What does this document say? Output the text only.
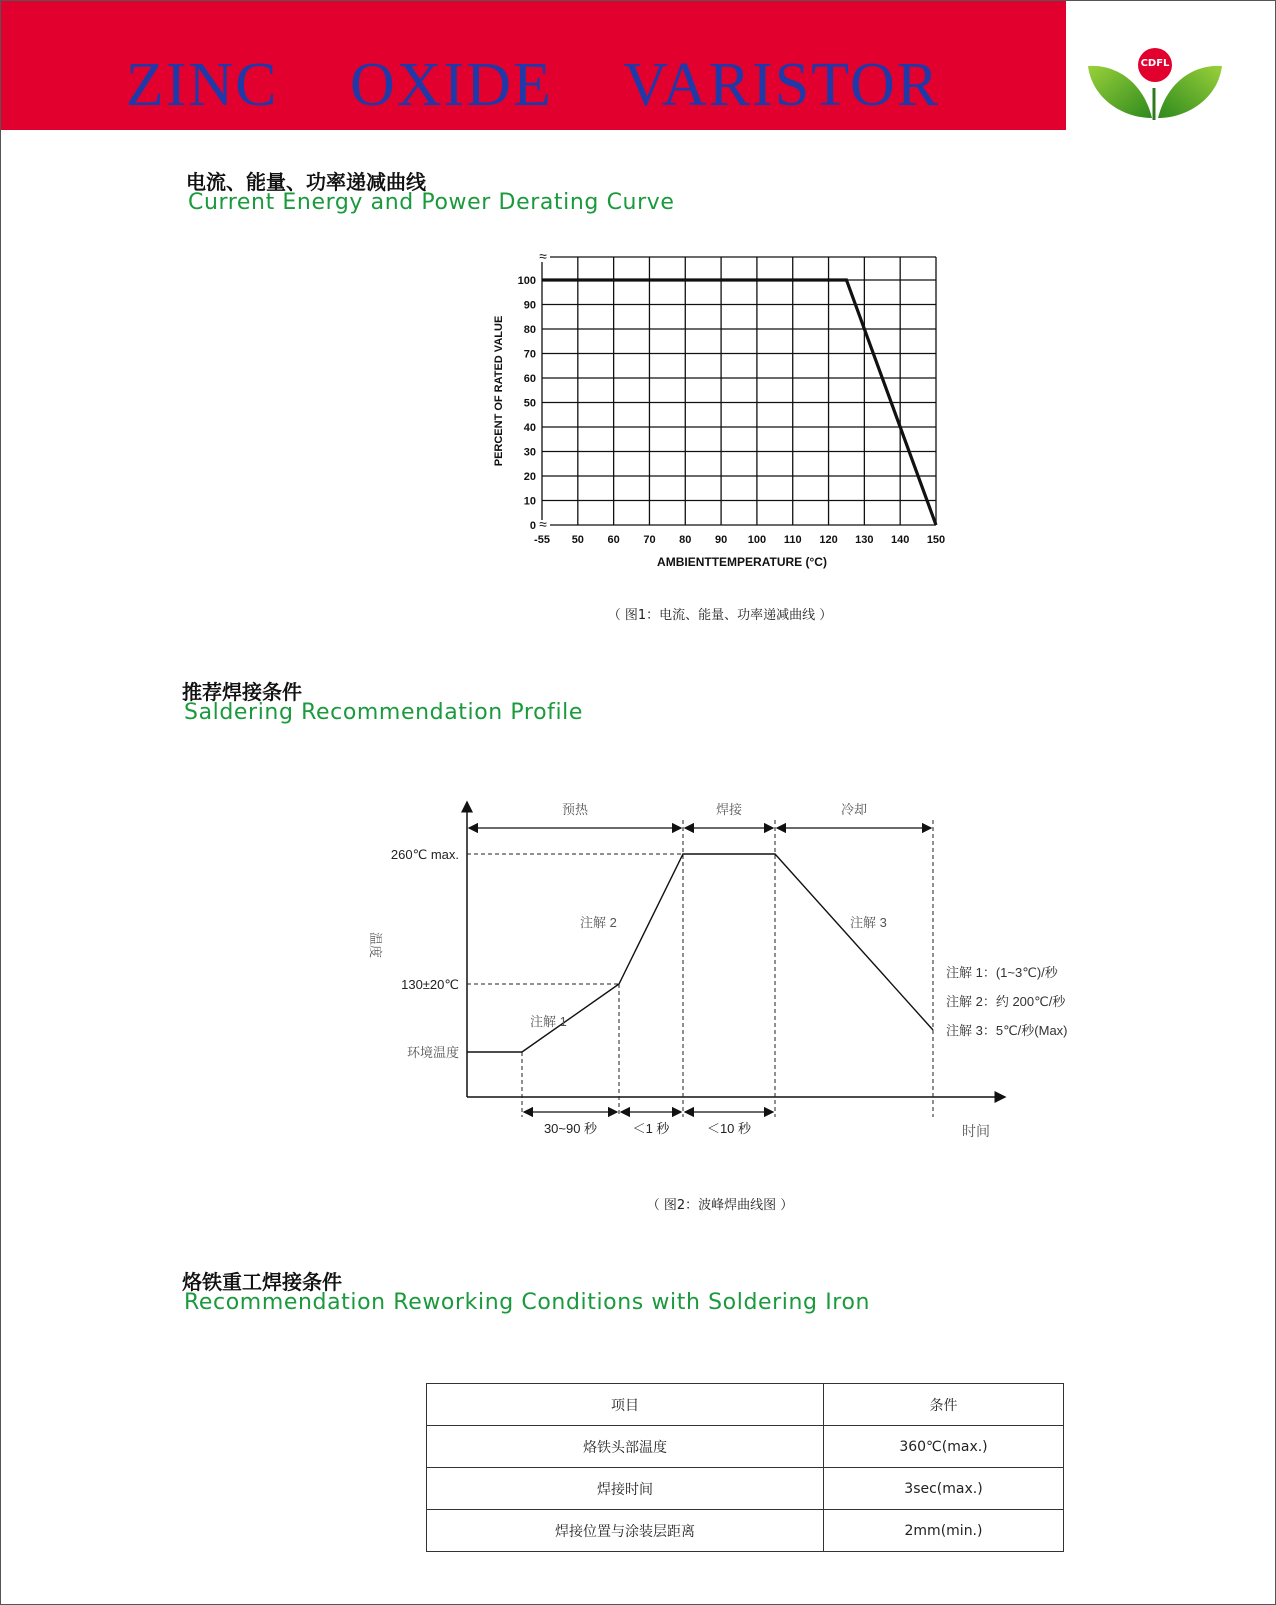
ZINC OXIDE VARISTOR	CDFL
电流、能量、功率递减曲线
Current Energy and Power Derating Curve
≈
≈
0
10
20
30
40
50
60
70
80
90
100
-55 50 60 70 80 90 100 110 120 130 140 150
AMBIENTTEMPERATURE (°C)
PERCENT OF RATED VALUE
（ 图1：电流、能量、功率递减曲线 ）
推荐焊接条件
Saldering Recommendation Profile
预热	焊接	冷却
30~90 秒	＜1 秒	＜10 秒
环境温度
130±20℃
260℃ max.
注解 1
注解 2	注解 3
温度
时间
注解 1：(1~3℃)/秒
注解 2：约 200℃/秒
注解 3：5℃/秒(Max)
（ 图2：波峰焊曲线图 ）
烙铁重工焊接条件
Recommendation Reworking Conditions with Soldering Iron
项目	条件
烙铁头部温度	360℃(max.)
焊接时间	3sec(max.)
焊接位置与涂装层距离	2mm(min.)
